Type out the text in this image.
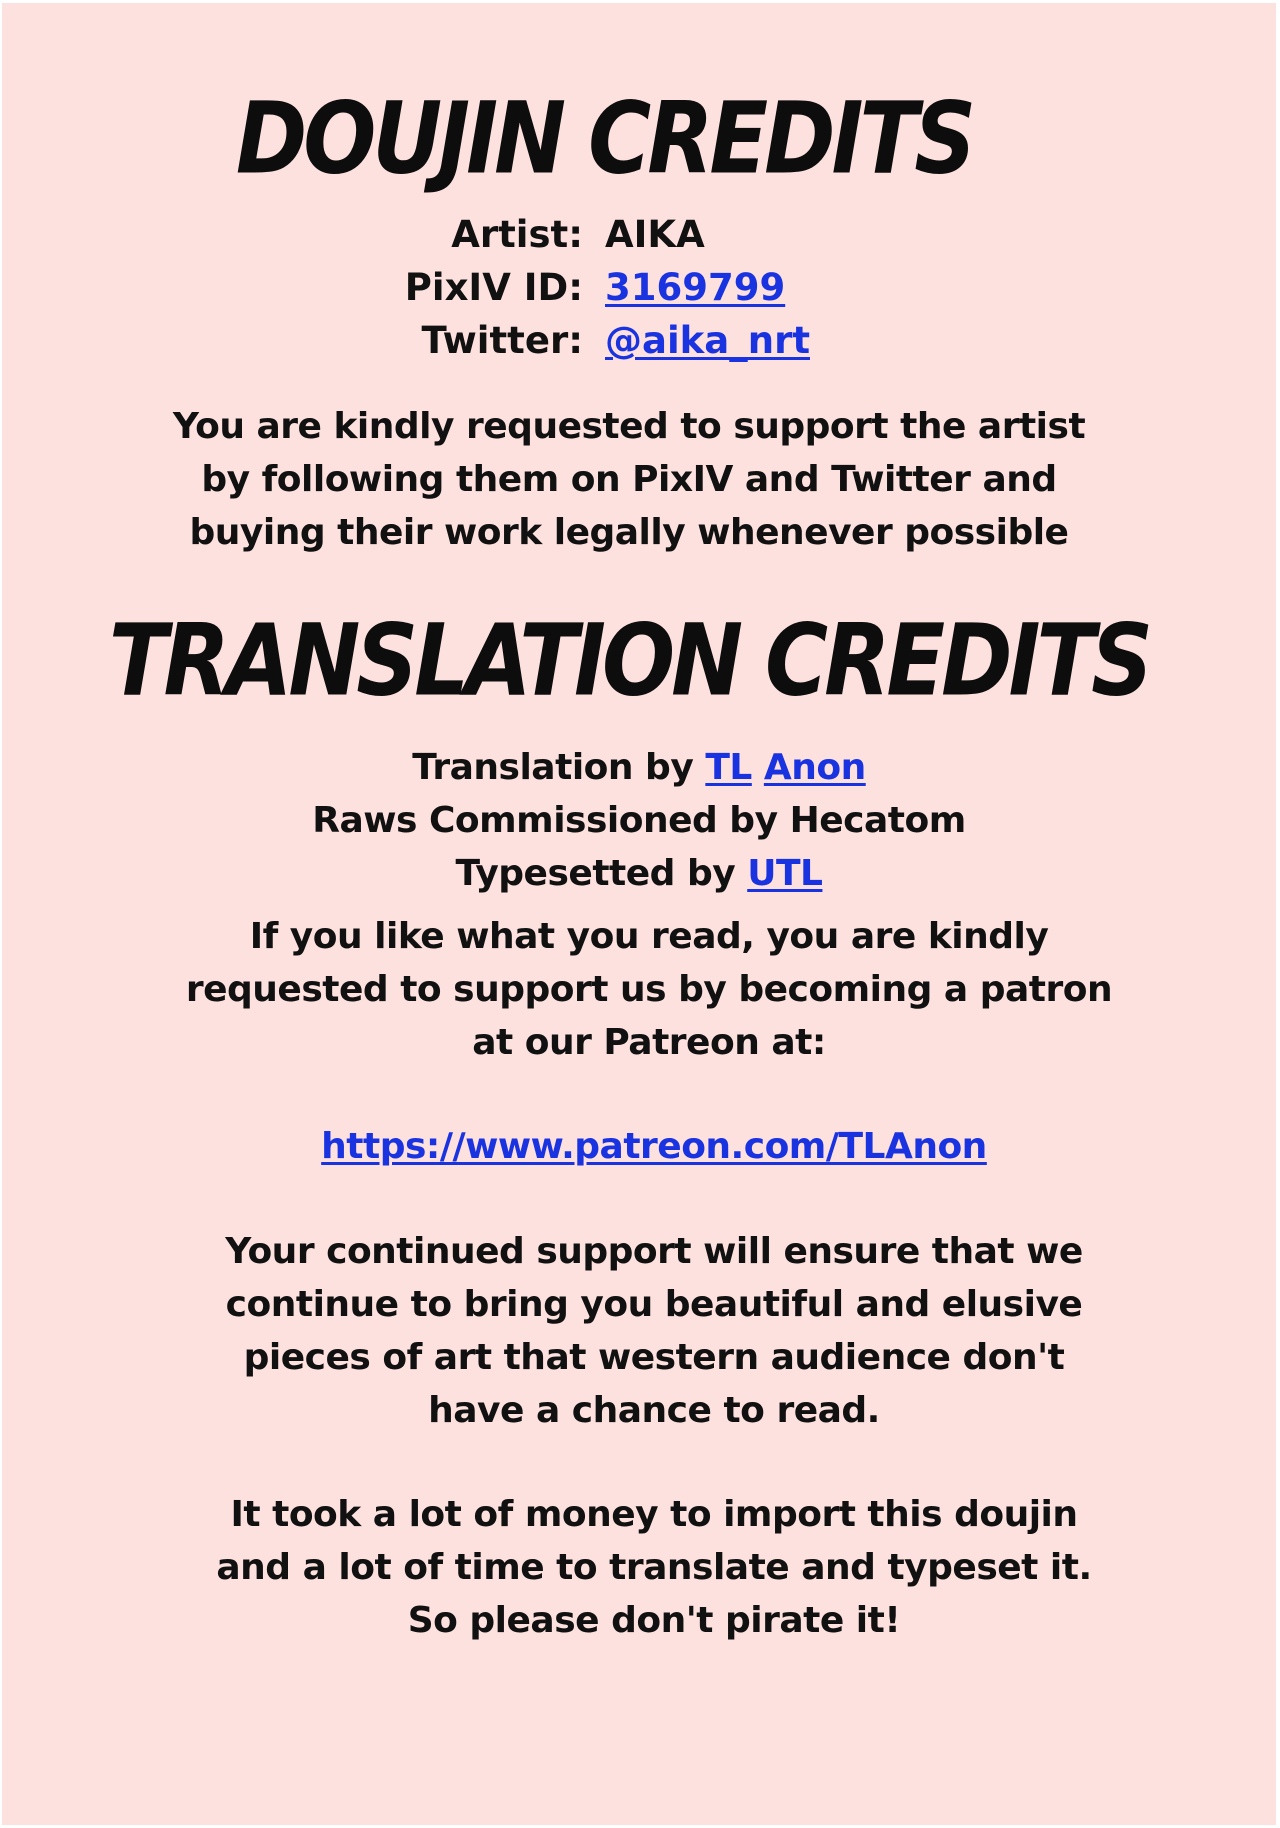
DOUJIN CREDITS
Artist: AIKA
PixIV ID: 3169799
Twitter: @aika_nrt

You are kindly requested to support the artist

by following them on PixIV and Twitter and

buying their work legally whenever possible

TRANSLATION CREDITS

Translation by TL Anon

Raws Commissioned by Hecatom

Typesetted by UTL

If you like what you read, you are kindly

requested to support us by becoming a patron

at our Patreon at:

https://www.patreon.com/TLAnon

Your continued support will ensure that we

continue to bring you beautiful and elusive

pieces of art that western audience don't

have a chance to read.

It took a lot of money to import this doujin

and a lot of time to translate and typeset it.

So please don't pirate it!
